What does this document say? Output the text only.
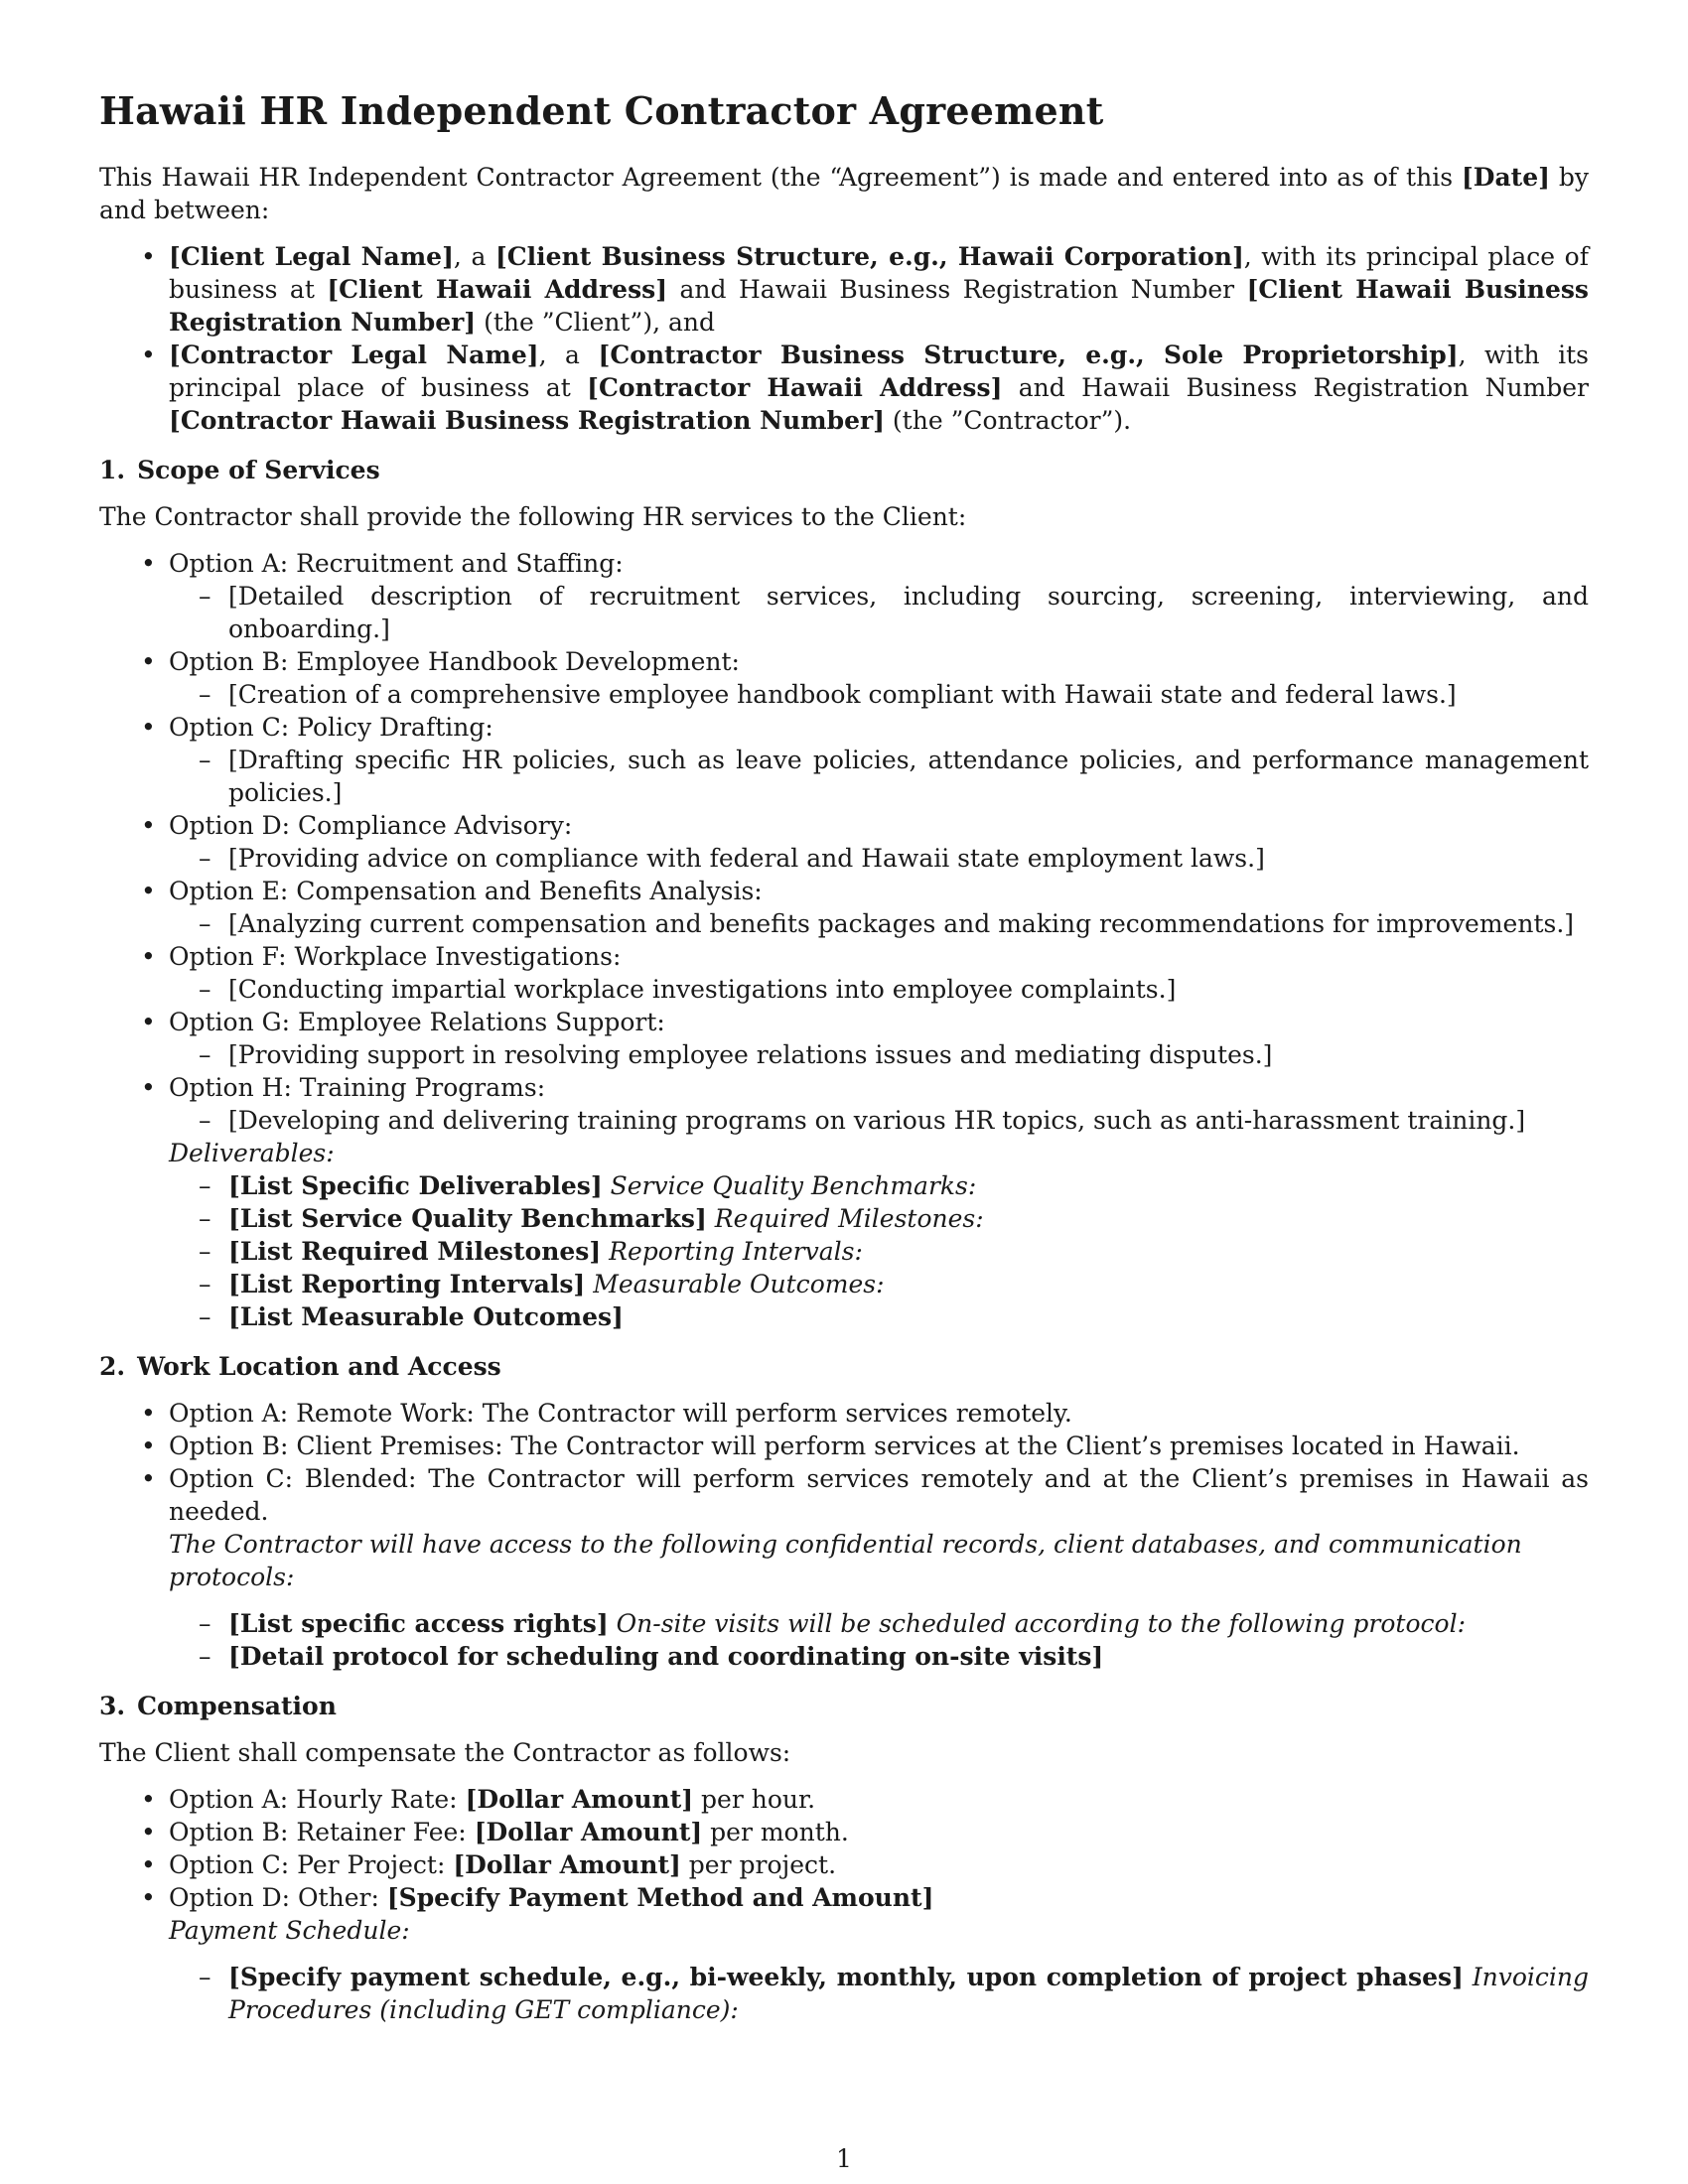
Hawaii HR Independent Contractor Agreement

This Hawaii HR Independent Contractor Agreement (the “Agreement”) is made and entered into as of this [Date] by and between:

• [Client Legal Name], a [Client Business Structure, e.g., Hawaii Corporation], with its principal place of business at [Client Hawaii Address] and Hawaii Business Registration Number [Client Hawaii Business Registration Number] (the ”Client”), and
• [Contractor Legal Name], a [Contractor Business Structure, e.g., Sole Proprietorship], with its principal place of business at [Contractor Hawaii Address] and Hawaii Business Registration Number [Contractor Hawaii Business Registration Number] (the ”Contractor”).
1. Scope of Services

The Contractor shall provide the following HR services to the Client:

• Option A: Recruitment and Staffing:
– [Detailed description of recruitment services, including sourcing, screening, interviewing, and onboarding.]
• Option B: Employee Handbook Development:
– [Creation of a comprehensive employee handbook compliant with Hawaii state and federal laws.]
• Option C: Policy Drafting:
– [Drafting specific HR policies, such as leave policies, attendance policies, and performance management policies.]
• Option D: Compliance Advisory:
– [Providing advice on compliance with federal and Hawaii state employment laws.]
• Option E: Compensation and Benefits Analysis:
– [Analyzing current compensation and benefits packages and making recommendations for improvements.]
• Option F: Workplace Investigations:
– [Conducting impartial workplace investigations into employee complaints.]
• Option G: Employee Relations Support:
– [Providing support in resolving employee relations issues and mediating disputes.]
• Option H: Training Programs:
– [Developing and delivering training programs on various HR topics, such as anti-harassment training.]
Deliverables:
– [List Specific Deliverables] Service Quality Benchmarks:
– [List Service Quality Benchmarks] Required Milestones:
– [List Required Milestones] Reporting Intervals:
– [List Reporting Intervals] Measurable Outcomes:
– [List Measurable Outcomes]
2. Work Location and Access
• Option A: Remote Work: The Contractor will perform services remotely.
• Option B: Client Premises: The Contractor will perform services at the Client’s premises located in Hawaii.
• Option C: Blended: The Contractor will perform services remotely and at the Client’s premises in Hawaii as needed.

The Contractor will have access to the following confidential records, client databases, and communication protocols:

– [List specific access rights] On-site visits will be scheduled according to the following protocol:
– [Detail protocol for scheduling and coordinating on-site visits]
3. Compensation

The Client shall compensate the Contractor as follows:

• Option A: Hourly Rate: [Dollar Amount] per hour.
• Option B: Retainer Fee: [Dollar Amount] per month.
• Option C: Per Project: [Dollar Amount] per project.
• Option D: Other: [Specify Payment Method and Amount]

Payment Schedule:

– [Specify payment schedule, e.g., bi-weekly, monthly, upon completion of project phases] Invoicing Procedures (including GET compliance):
1
